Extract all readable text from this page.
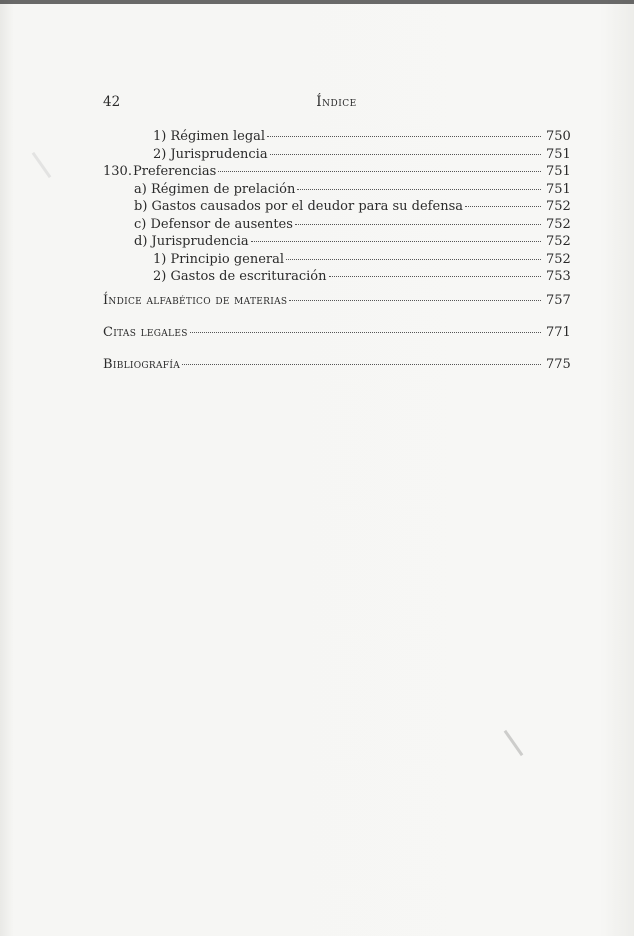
42	Índice
1) Régimen legal	750
2) Jurisprudencia	751
130. Preferencias	751
a) Régimen de prelación	751
b) Gastos causados por el deudor para su defensa	752
c) Defensor de ausentes	752
d) Jurisprudencia	752
1) Principio general	752
2) Gastos de escrituración	753
Índice alfabético de materias	757
Citas legales	771
Bibliografía	775
